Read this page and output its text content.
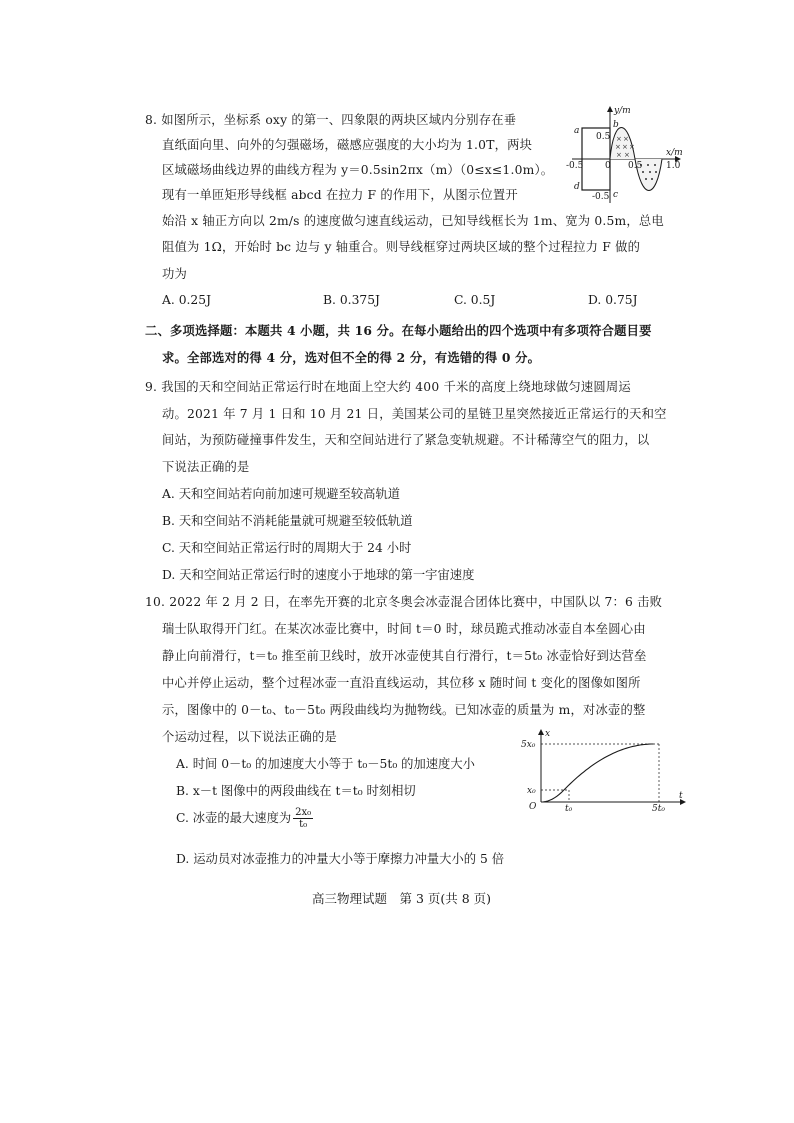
8. 如图所示，坐标系 oxy 的第一、四象限的两块区域内分别存在垂
直纸面向里、向外的匀强磁场，磁感应强度的大小均为 1.0T，两块
区域磁场曲线边界的曲线方程为 y＝0.5sin2πx（m）（0≤x≤1.0m）。
现有一单匝矩形导线框 abcd 在拉力 F 的作用下，从图示位置开
始沿 x 轴正方向以 2m/s 的速度做匀速直线运动，已知导线框长为 1m、宽为 0.5m，总电
阻值为 1Ω，开始时 bc 边与 y 轴重合。则导线框穿过两块区域的整个过程拉力 F 做的
功为
× ×
× × ×
× ×
y/m
x/m
a
b
c
d
0.5
-0.5
-0.5 0 0.5	1.0
A. 0.25J	B. 0.375J	C. 0.5J	D. 0.75J
二、多项选择题：本题共 4 小题，共 16 分。在每小题给出的四个选项中有多项符合题目要
求。全部选对的得 4 分，选对但不全的得 2 分，有选错的得 0 分。
9. 我国的天和空间站正常运行时在地面上空大约 400 千米的高度上绕地球做匀速圆周运
动。2021 年 7 月 1 日和 10 月 21 日，美国某公司的星链卫星突然接近正常运行的天和空
间站，为预防碰撞事件发生，天和空间站进行了紧急变轨规避。不计稀薄空气的阻力，以
下说法正确的是
A. 天和空间站若向前加速可规避至较高轨道
B. 天和空间站不消耗能量就可规避至较低轨道
C. 天和空间站正常运行时的周期大于 24 小时
D. 天和空间站正常运行时的速度小于地球的第一宇宙速度
10. 2022 年 2 月 2 日，在率先开赛的北京冬奥会冰壶混合团体比赛中，中国队以 7：6 击败
瑞士队取得开门红。在某次冰壶比赛中，时间 t＝0 时，球员跪式推动冰壶自本垒圆心由
静止向前滑行，t＝t₀ 推至前卫线时，放开冰壶使其自行滑行，t＝5t₀ 冰壶恰好到达营垒
中心并停止运动，整个过程冰壶一直沿直线运动，其位移 x 随时间 t 变化的图像如图所
示，图像中的 0－t₀、t₀－5t₀ 两段曲线均为抛物线。已知冰壶的质量为 m，对冰壶的整
个运动过程，以下说法正确的是
A. 时间 0－t₀ 的加速度大小等于 t₀－5t₀ 的加速度大小
B. x－t 图像中的两段曲线在 t＝t₀ 时刻相切
C. 冰壶的最大速度为 $\frac{\text{2x₀}}{\text{t₀}}$
D. 运动员对冰壶推力的冲量大小等于摩擦力冲量大小的 5 倍
x
t
O
5x₀
x₀
t₀	5t₀
高三物理试题　第 3 页(共 8 页)
